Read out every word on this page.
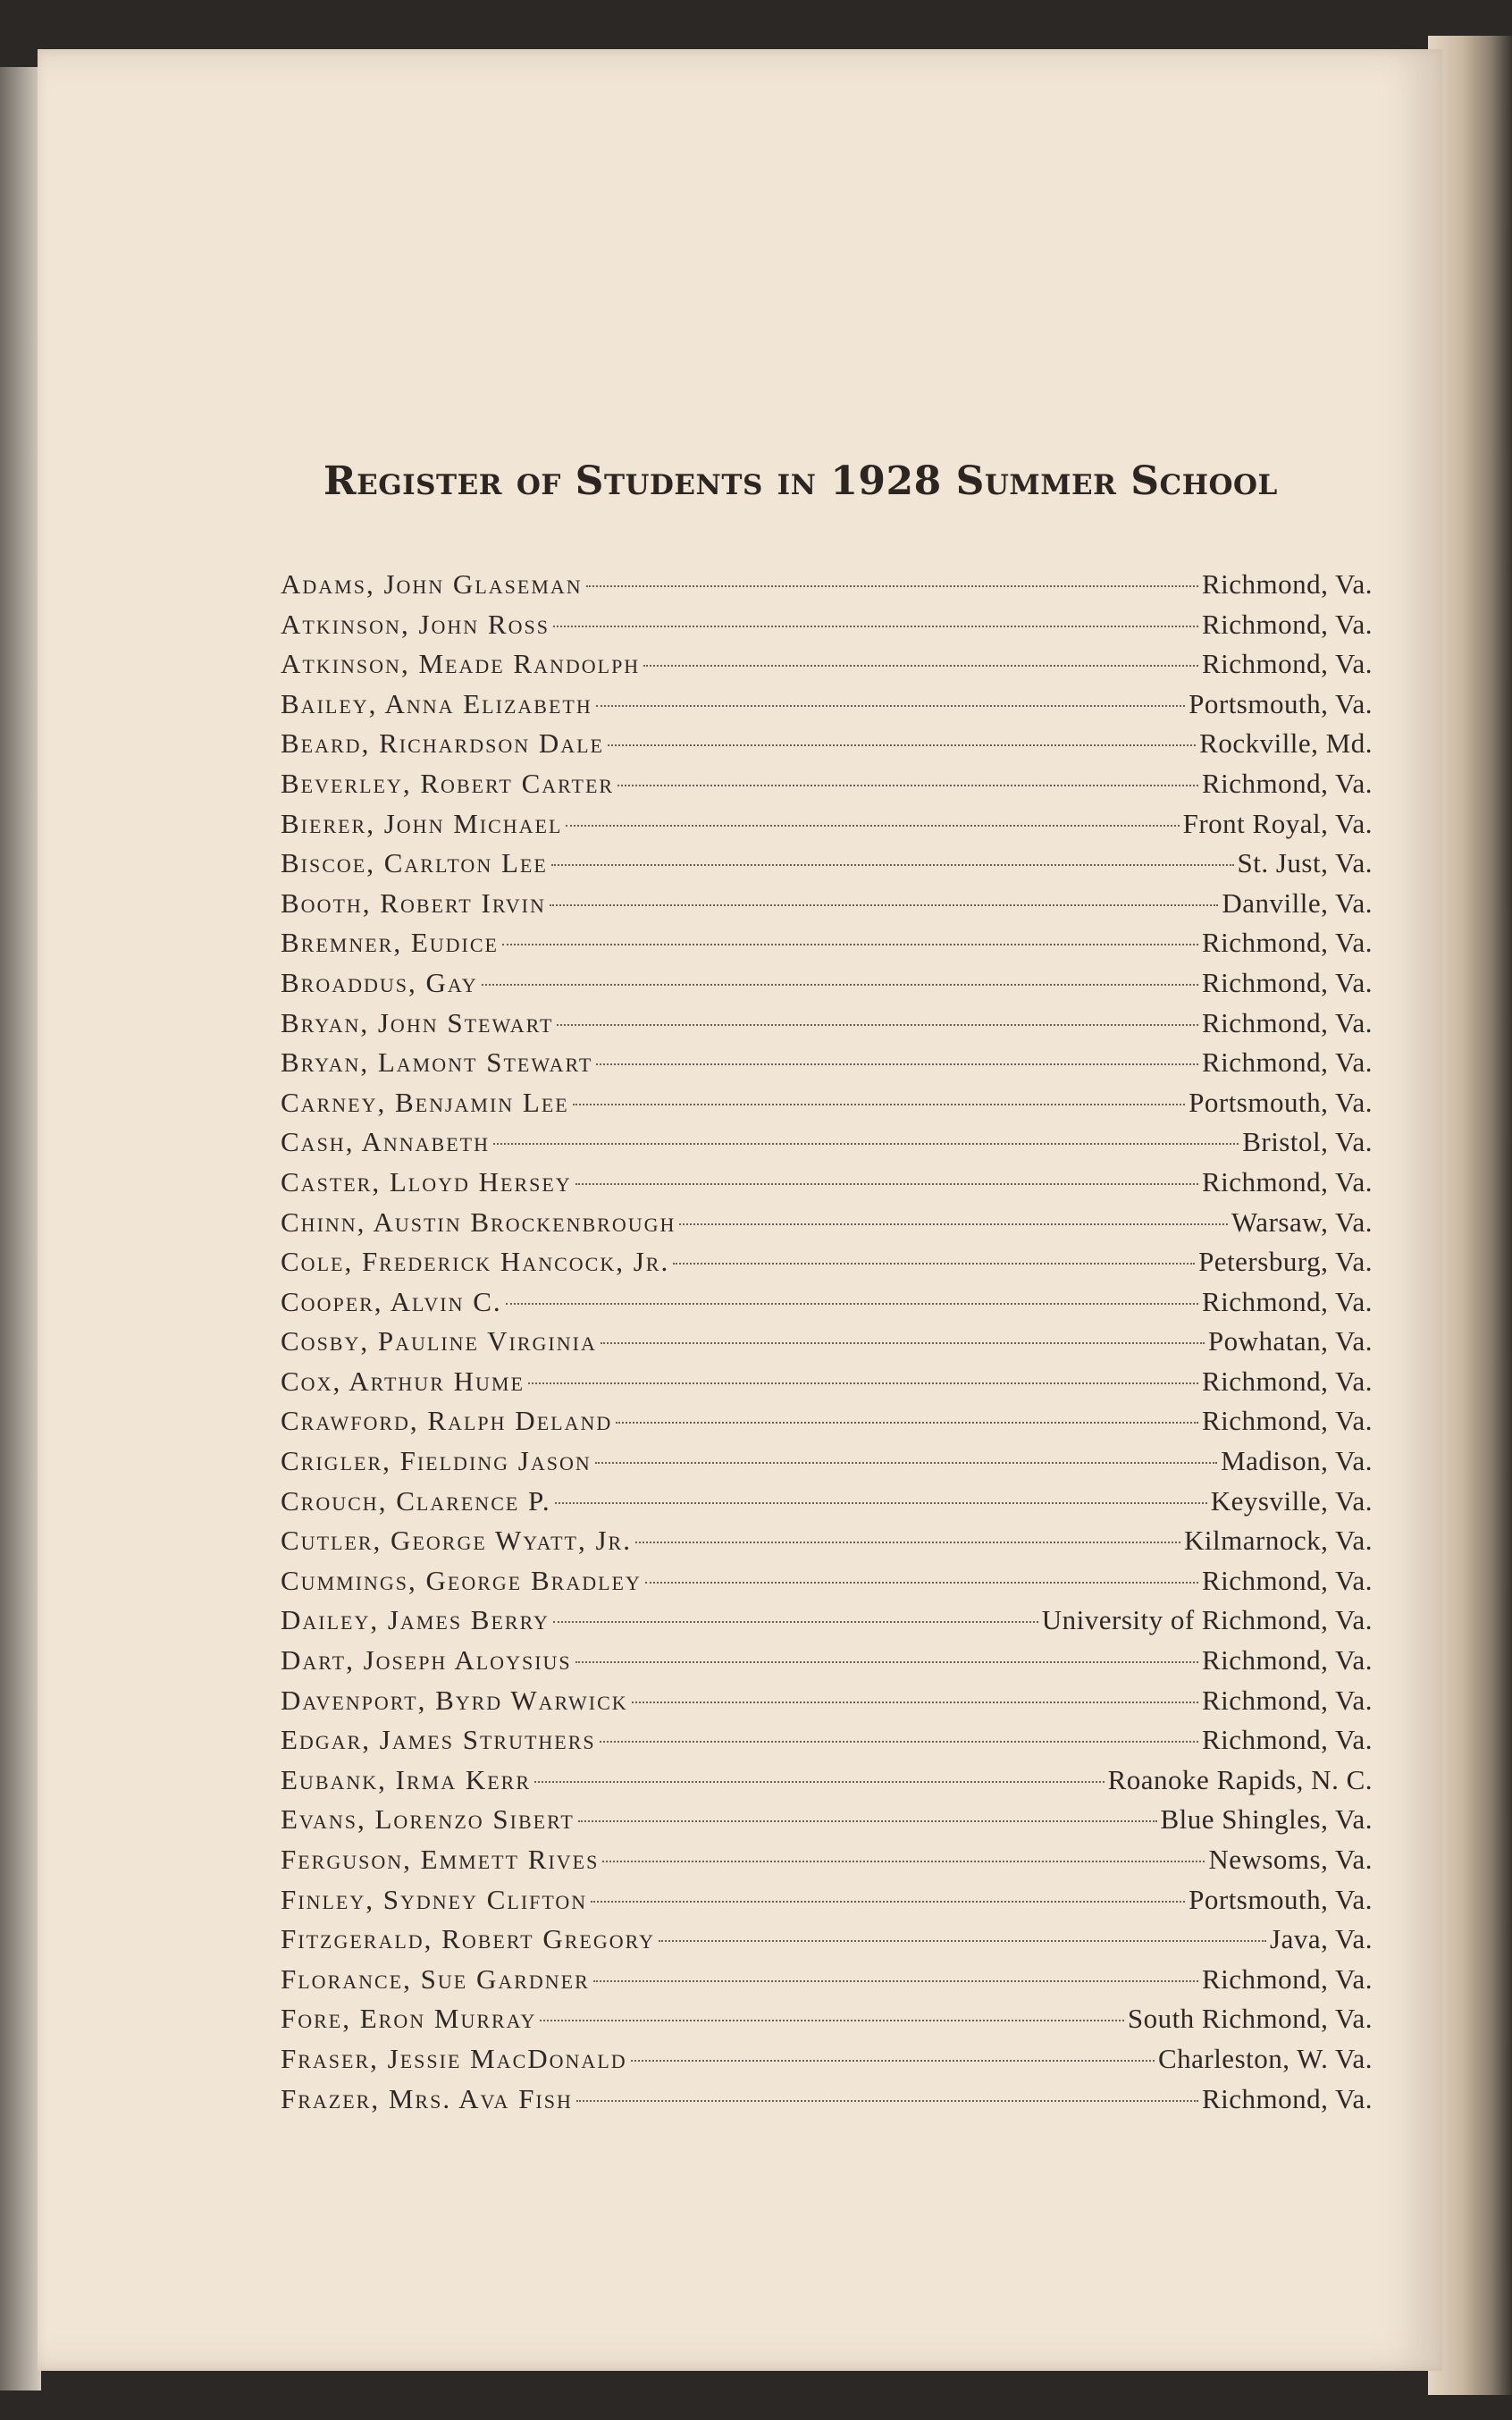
Register of Students in 1928 Summer School
Adams, John Glaseman	Richmond, Va.
Atkinson, John Ross	Richmond, Va.
Atkinson, Meade Randolph	Richmond, Va.
Bailey, Anna Elizabeth	Portsmouth, Va.
Beard, Richardson Dale	Rockville, Md.
Beverley, Robert Carter	Richmond, Va.
Bierer, John Michael	Front Royal, Va.
Biscoe, Carlton Lee	St. Just, Va.
Booth, Robert Irvin	Danville, Va.
Bremner, Eudice	Richmond, Va.
Broaddus, Gay	Richmond, Va.
Bryan, John Stewart	Richmond, Va.
Bryan, Lamont Stewart	Richmond, Va.
Carney, Benjamin Lee	Portsmouth, Va.
Cash, Annabeth	Bristol, Va.
Caster, Lloyd Hersey	Richmond, Va.
Chinn, Austin Brockenbrough	Warsaw, Va.
Cole, Frederick Hancock, Jr.	Petersburg, Va.
Cooper, Alvin C.	Richmond, Va.
Cosby, Pauline Virginia	Powhatan, Va.
Cox, Arthur Hume	Richmond, Va.
Crawford, Ralph Deland	Richmond, Va.
Crigler, Fielding Jason	Madison, Va.
Crouch, Clarence P.	Keysville, Va.
Cutler, George Wyatt, Jr.	Kilmarnock, Va.
Cummings, George Bradley	Richmond, Va.
Dailey, James Berry	University of Richmond, Va.
Dart, Joseph Aloysius	Richmond, Va.
Davenport, Byrd Warwick	Richmond, Va.
Edgar, James Struthers	Richmond, Va.
Eubank, Irma Kerr	Roanoke Rapids, N. C.
Evans, Lorenzo Sibert	Blue Shingles, Va.
Ferguson, Emmett Rives	Newsoms, Va.
Finley, Sydney Clifton	Portsmouth, Va.
Fitzgerald, Robert Gregory	Java, Va.
Florance, Sue Gardner	Richmond, Va.
Fore, Eron Murray	South Richmond, Va.
Fraser, Jessie MacDonald	Charleston, W. Va.
Frazer, Mrs. Ava Fish	Richmond, Va.
